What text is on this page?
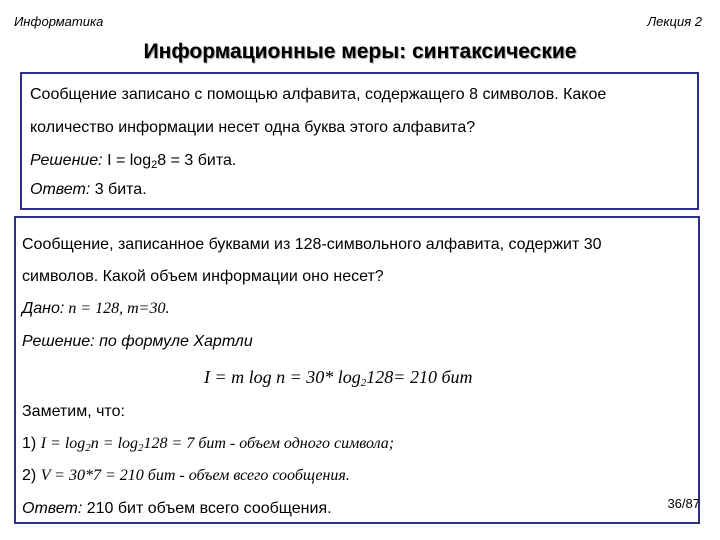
Информатика	Лекция 2
Информационные меры: синтаксические
Сообщение записано с помощью алфавита, содержащего 8 символов. Какое
количество информации несет одна буква этого алфавита?
Решение: $I = \log_28 = 3$ бита.
Ответ: 3 бита.
Сообщение, записанное буквами из 128-символьного алфавита, содержит 30
символов. Какой объем информации оно несет?
Дано: n = 128, m=30.
Решение: по формуле Хартли
I = m log n = 30* $\log_2128= 210$ бит
Заметим, что:
1) $I = \log_2n = \log_2128 = 7$ бит - объем одного символа;
2) V = 30*7 = 210 бит - объем всего сообщения.
Ответ: 210 бит объем всего сообщения.	36/87
